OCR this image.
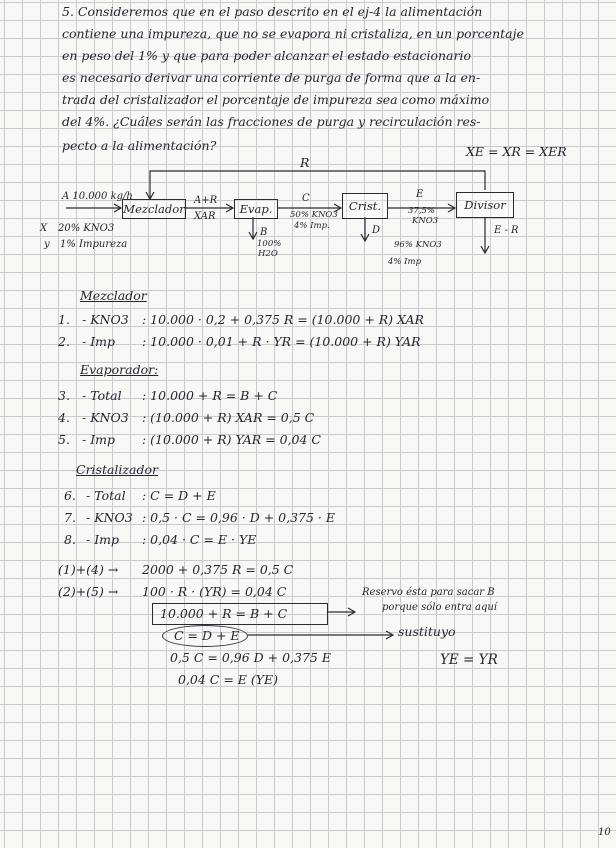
5. Consideremos que en el paso descrito en el ej-4 la alimentación
contiene una impureza, que no se evapora ni cristaliza, en un porcentaje
en peso del 1% y que para poder alcanzar el estado estacionario
es necesario derivar una corriente de purga de forma que a la en-
trada del cristalizador el porcentaje de impureza sea como máximo
del 4%. ¿Cuáles serán las fracciones de purga y recirculación res-
pecto a la alimentación?	XE = XR = XER
Mezclador	Evap.	Crist.	Divisor
R
A 10.000 kg/h
X 20% KNO3
y 1% Impureza
A+R
XAR
C
50% KNO3
4% Imp.
B
100%
H2O
E
37,5%
KNO3
D
96% KNO3
4% Imp
E - R
Mezclador
1. - KNO3 : 10.000 · 0,2 + 0,375 R = (10.000 + R) XAR
2. - Imp : 10.000 · 0,01 + R · YR = (10.000 + R) YAR
Evaporador:
3. - Total : 10.000 + R = B + C
4. - KNO3 : (10.000 + R) XAR = 0,5 C
5. - Imp : (10.000 + R) YAR = 0,04 C
Cristalizador
6. - Total : C = D + E
7. - KNO3 : 0,5 · C = 0,96 · D + 0,375 · E
8. - Imp : 0,04 · C = E · YE
(1)+(4) → 2000 + 0,375 R = 0,5 C
(2)+(5) → 100 · R · (YR) = 0,04 C
10.000 + R = B + C
Reservo ésta para sacar B
porque sólo entra aquí
C = D + E	sustituyo
0,5 C = 0,96 D + 0,375 E
0,04 C = E (YE)
YE = YR
10
